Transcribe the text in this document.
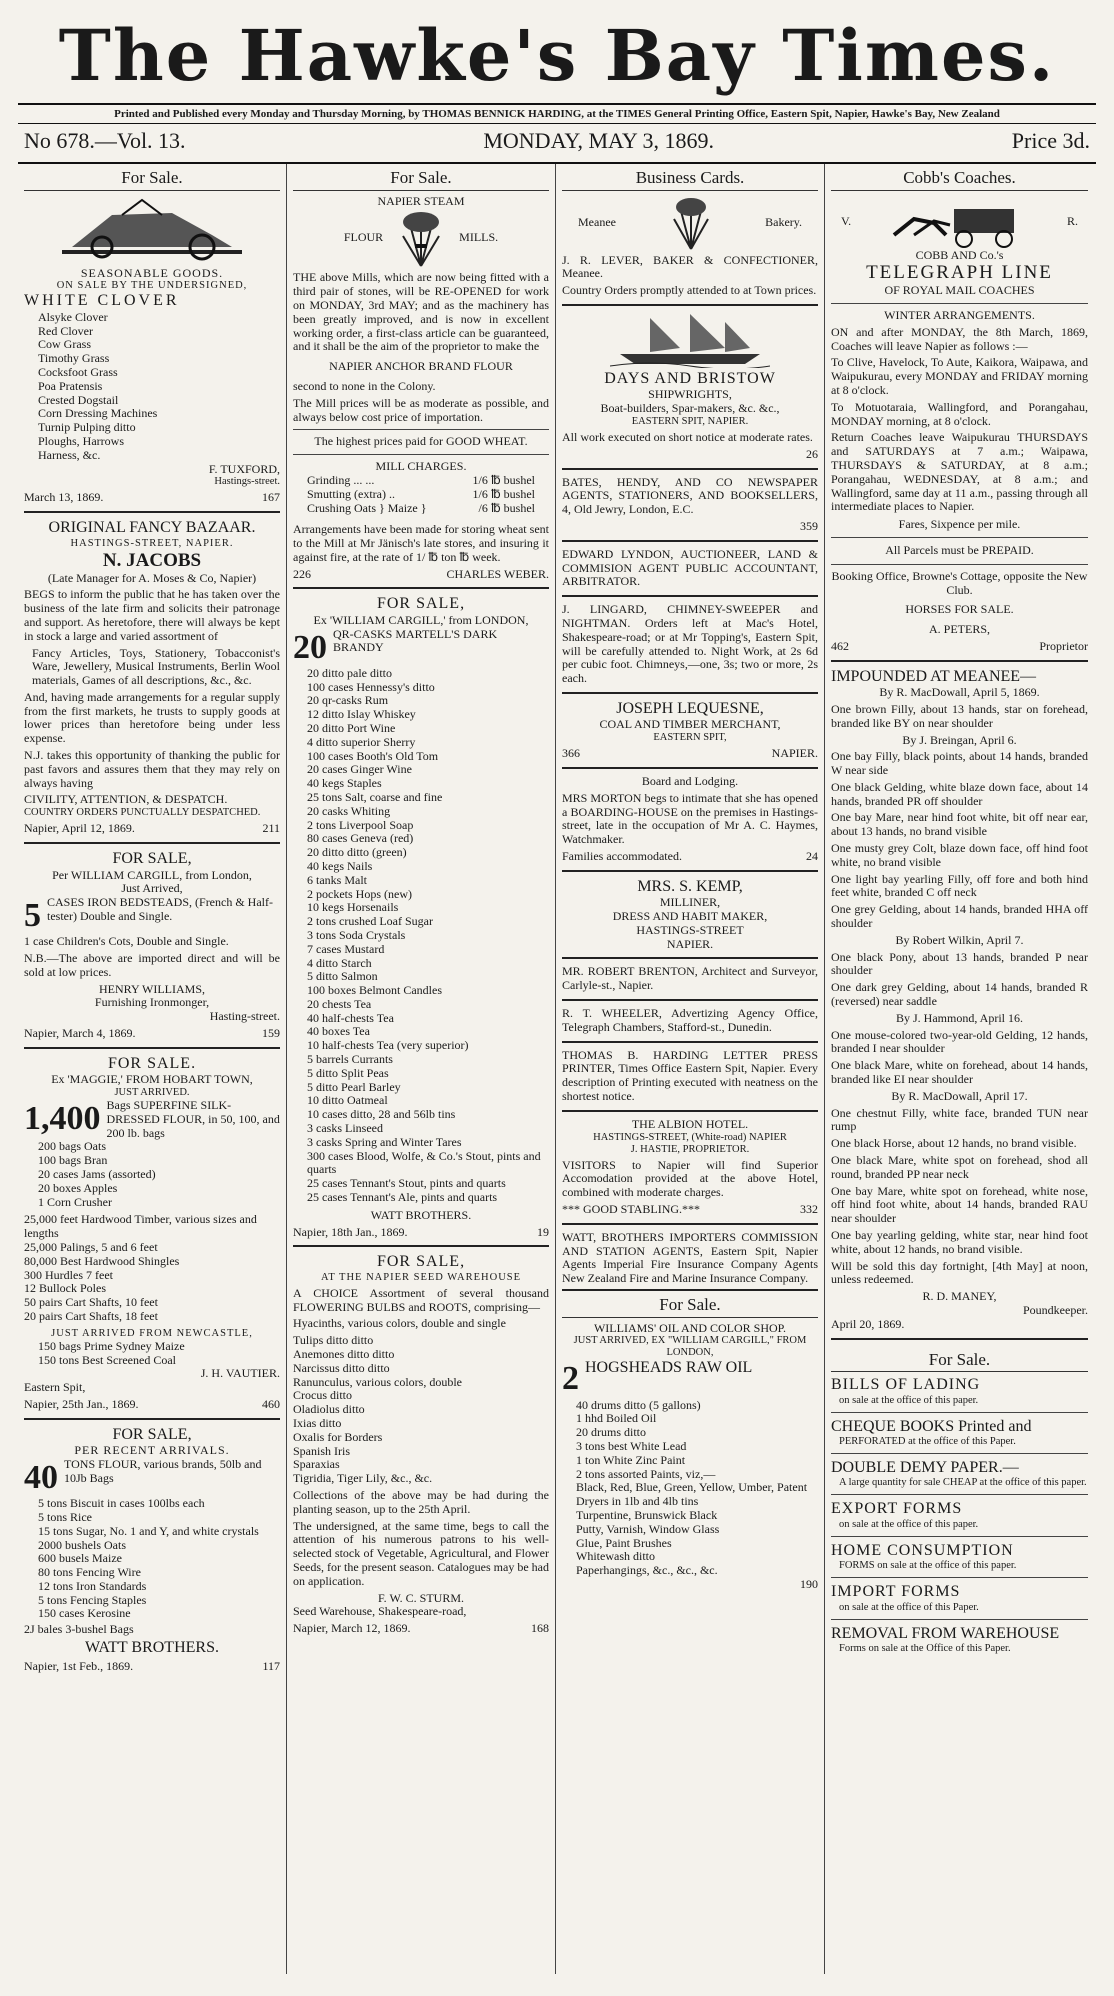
The Hawke's Bay Times.
Printed and Published every Monday and Thursday Morning, by THOMAS BENNICK HARDING, at the TIMES General Printing Office, Eastern Spit, Napier, Hawke's Bay, New Zealand
No 678.—Vol. 13.	MONDAY, MAY 3, 1869.	Price 3d.
For Sale.
SEASONABLE GOODS.
ON SALE BY THE UNDERSIGNED,
WHITE CLOVER
Alsyke Clover
Red Clover
Cow Grass
Timothy Grass
Cocksfoot Grass
Poa Pratensis
Crested Dogstail
Corn Dressing Machines
Turnip Pulping ditto
Ploughs, Harrows
Harness, &c.
F. TUXFORD,
Hastings-street.
March 13, 1869.	167
ORIGINAL FANCY BAZAAR.
HASTINGS-STREET, NAPIER.
N. JACOBS
(Late Manager for A. Moses & Co, Napier)
BEGS to inform the public that he has taken over the business of the late firm and solicits their patronage and support. As heretofore, there will always be kept in stock a large and varied assortment of
Fancy Articles, Toys, Stationery, Tobacconist's Ware, Jewellery, Musical Instruments, Berlin Wool materials, Games of all descriptions, &c., &c.
And, having made arrangements for a regular supply from the first markets, he trusts to supply goods at lower prices than heretofore being under less expense.
N.J. takes this opportunity of thanking the public for past favors and assures them that they may rely on always having
CIVILITY, ATTENTION, & DESPATCH.
COUNTRY ORDERS PUNCTUALLY DESPATCHED.
Napier, April 12, 1869.	211
FOR SALE,
Per WILLIAM CARGILL, from London,
Just Arrived,
5 CASES IRON BEDSTEADS, (French & Half-tester) Double and Single.
1 case Children's Cots, Double and Single.
N.B.—The above are imported direct and will be sold at low prices.
HENRY WILLIAMS,
Furnishing Ironmonger,
Hasting-street.
Napier, March 4, 1869.	159
FOR SALE.
Ex 'MAGGIE,' FROM HOBART TOWN,
JUST ARRIVED.
1,400 Bags SUPERFINE SILK-DRESSED FLOUR, in 50, 100, and 200 lb. bags
200 bags Oats
100 bags Bran
20 cases Jams (assorted)
20 boxes Apples
1 Corn Crusher
25,000 feet Hardwood Timber, various sizes and lengths
25,000 Palings, 5 and 6 feet
80,000 Best Hardwood Shingles
300 Hurdles 7 feet
12 Bullock Poles
50 pairs Cart Shafts, 10 feet
20 pairs Cart Shafts, 18 feet
JUST ARRIVED FROM NEWCASTLE,
150 bags Prime Sydney Maize
150 tons Best Screened Coal
J. H. VAUTIER.
Eastern Spit,
Napier, 25th Jan., 1869.	460
FOR SALE,
PER RECENT ARRIVALS.
40 TONS FLOUR, various brands, 50lb and 10Jb Bags
5 tons Biscuit in cases 100lbs each
5 tons Rice
15 tons Sugar, No. 1 and Y, and white crystals
2000 bushels Oats
600 busels Maize
80 tons Fencing Wire
12 tons Iron Standards
5 tons Fencing Staples
150 cases Kerosine
2J bales 3-bushel Bags
WATT BROTHERS.
Napier, 1st Feb., 1869.	117
For Sale.
NAPIER STEAM
FLOUR	MILLS.
THE above Mills, which are now being fitted with a third pair of stones, will be RE-OPENED for work on MONDAY, 3rd MAY; and as the machinery has been greatly improved, and is now in excellent working order, a first-class article can be guaranteed, and it shall be the aim of the proprietor to make the
NAPIER ANCHOR BRAND FLOUR
second to none in the Colony.
The Mill prices will be as moderate as possible, and always below cost price of importation.
The highest prices paid for GOOD WHEAT.
MILL CHARGES.
Grinding ... ...	1/6 ℔ bushel
Smutting (extra) ..	1/6 ℔ bushel
Crushing Oats } Maize }	/6 ℔ bushel
Arrangements have been made for storing wheat sent to the Mill at Mr Jänisch's late stores, and insuring it against fire, at the rate of 1/ ℔ ton ℔ week.
226	CHARLES WEBER.
FOR SALE,
Ex 'WILLIAM CARGILL,' from LONDON,
20 QR-CASKS MARTELL'S DARK BRANDY
20 ditto pale ditto
100 cases Hennessy's ditto
20 qr-casks Rum
12 ditto Islay Whiskey
20 ditto Port Wine
4 ditto superior Sherry
100 cases Booth's Old Tom
20 cases Ginger Wine
40 kegs Staples
25 tons Salt, coarse and fine
20 casks Whiting
2 tons Liverpool Soap
80 cases Geneva (red)
20 ditto ditto (green)
40 kegs Nails
6 tanks Malt
2 pockets Hops (new)
10 kegs Horsenails
2 tons crushed Loaf Sugar
3 tons Soda Crystals
7 cases Mustard
4 ditto Starch
5 ditto Salmon
100 boxes Belmont Candles
20 chests Tea
40 half-chests Tea
40 boxes Tea
10 half-chests Tea (very superior)
5 barrels Currants
5 ditto Split Peas
5 ditto Pearl Barley
10 ditto Oatmeal
10 cases ditto, 28 and 56lb tins
3 casks Linseed
3 casks Spring and Winter Tares
300 cases Blood, Wolfe, & Co.'s Stout, pints and quarts
25 cases Tennant's Stout, pints and quarts
25 cases Tennant's Ale, pints and quarts
WATT BROTHERS.
Napier, 18th Jan., 1869.	19
FOR SALE,
AT THE NAPIER SEED WAREHOUSE
A CHOICE Assortment of several thousand FLOWERING BULBS and ROOTS, comprising—
Hyacinths, various colors, double and single
Tulips ditto ditto
Anemones ditto ditto
Narcissus ditto ditto
Ranunculus, various colors, double
Crocus ditto
Oladiolus ditto
Ixias ditto
Oxalis for Borders
Spanish Iris
Sparaxias
Tigridia, Tiger Lily, &c., &c.
Collections of the above may be had during the planting season, up to the 25th April.
The undersigned, at the same time, begs to call the attention of his numerous patrons to his well-selected stock of Vegetable, Agricultural, and Flower Seeds, for the present season. Catalogues may be had on application.
F. W. C. STURM.
Seed Warehouse, Shakespeare-road,
Napier, March 12, 1869.	168
Business Cards.
Meanee	Bakery.
J. R. LEVER, BAKER & CONFECTIONER, Meanee.
Country Orders promptly attended to at Town prices.
DAYS AND BRISTOW
SHIPWRIGHTS,
Boat-builders, Spar-makers, &c. &c.,
EASTERN SPIT, NAPIER.
All work executed on short notice at moderate rates.
26
BATES, HENDY, AND CO NEWSPAPER AGENTS, STATIONERS, AND BOOKSELLERS, 4, Old Jewry, London, E.C.
359
EDWARD LYNDON, AUCTIONEER, LAND & COMMISION AGENT PUBLIC ACCOUNTANT, ARBITRATOR.
J. LINGARD, CHIMNEY-SWEEPER and NIGHTMAN. Orders left at Mac's Hotel, Shakespeare-road; or at Mr Topping's, Eastern Spit, will be carefully attended to. Night Work, at 2s 6d per cubic foot. Chimneys,—one, 3s; two or more, 2s each.
JOSEPH LEQUESNE,
COAL AND TIMBER MERCHANT,
EASTERN SPIT,
366	NAPIER.
Board and Lodging.
MRS MORTON begs to intimate that she has opened a BOARDING-HOUSE on the premises in Hastings-street, late in the occupation of Mr A. C. Haymes, Watchmaker.
Families accommodated.	24
MRS. S. KEMP,
MILLINER,
DRESS AND HABIT MAKER,
HASTINGS-STREET
NAPIER.
MR. ROBERT BRENTON, Architect and Surveyor, Carlyle-st., Napier.
R. T. WHEELER, Advertizing Agency Office, Telegraph Chambers, Stafford-st., Dunedin.
THOMAS B. HARDING LETTER PRESS PRINTER, Times Office Eastern Spit, Napier. Every description of Printing executed with neatness on the shortest notice.
THE ALBION HOTEL.
HASTINGS-STREET, (White-road) NAPIER
J. HASTIE, PROPRIETOR.
VISITORS to Napier will find Superior Accomodation provided at the above Hotel, combined with moderate charges.
*** GOOD STABLING.***	332
WATT, BROTHERS IMPORTERS COMMISSION AND STATION AGENTS, Eastern Spit, Napier Agents Imperial Fire Insurance Company Agents New Zealand Fire and Marine Insurance Company.
For Sale.
WILLIAMS' OIL AND COLOR SHOP.
JUST ARRIVED, EX "WILLIAM CARGILL," FROM LONDON,
2 HOGSHEADS RAW OIL
40 drums ditto (5 gallons)
1 hhd Boiled Oil
20 drums ditto
3 tons best White Lead
1 ton White Zinc Paint
2 tons assorted Paints, viz,—
Black, Red, Blue, Green, Yellow, Umber, Patent Dryers in 1lb and 4lb tins
Turpentine, Brunswick Black
Putty, Varnish, Window Glass
Glue, Paint Brushes
Whitewash ditto
Paperhangings, &c., &c., &c.
190
Cobb's Coaches.
V.	R.
COBB AND Co.'s
TELEGRAPH LINE
OF ROYAL MAIL COACHES
WINTER ARRANGEMENTS.
ON and after MONDAY, the 8th March, 1869, Coaches will leave Napier as follows :—
To Clive, Havelock, To Aute, Kaikora, Waipawa, and Waipukurau, every MONDAY and FRIDAY morning at 8 o'clock.
To Motuotaraia, Wallingford, and Porangahau, MONDAY morning, at 8 o'clock.
Return Coaches leave Waipukurau THURSDAYS and SATURDAYS at 7 a.m.; Waipawa, THURSDAYS & SATURDAY, at 8 a.m.; Porangahau, WEDNESDAY, at 8 a.m.; and Wallingford, same day at 11 a.m., passing through all intermediate places to Napier.
Fares, Sixpence per mile.
All Parcels must be PREPAID.
Booking Office, Browne's Cottage, opposite the New Club.
HORSES FOR SALE.
A. PETERS,
462	Proprietor
IMPOUNDED AT MEANEE—
By R. MacDowall, April 5, 1869.
One brown Filly, about 13 hands, star on forehead, branded like BY on near shoulder
By J. Breingan, April 6.
One bay Filly, black points, about 14 hands, branded W near side
One black Gelding, white blaze down face, about 14 hands, branded PR off shoulder
One bay Mare, near hind foot white, bit off near ear, about 13 hands, no brand visible
One musty grey Colt, blaze down face, off hind foot white, no brand visible
One light bay yearling Filly, off fore and both hind feet white, branded C off neck
One grey Gelding, about 14 hands, branded HHA off shoulder
By Robert Wilkin, April 7.
One black Pony, about 13 hands, branded P near shoulder
One dark grey Gelding, about 14 hands, branded R (reversed) near saddle
By J. Hammond, April 16.
One mouse-colored two-year-old Gelding, 12 hands, branded I near shoulder
One black Mare, white on forehead, about 14 hands, branded like EI near shoulder
By R. MacDowall, April 17.
One chestnut Filly, white face, branded TUN near rump
One black Horse, about 12 hands, no brand visible.
One black Mare, white spot on forehead, shod all round, branded PP near neck
One bay Mare, white spot on forehead, white nose, off hind foot white, about 14 hands, branded RAU near shoulder
One bay yearling gelding, white star, near hind foot white, about 12 hands, no brand visible.
Will be sold this day fortnight, [4th May] at noon, unless redeemed.
R. D. MANEY,
Poundkeeper.
April 20, 1869.
For Sale.
BILLS OF LADING
on sale at the office of this paper.
CHEQUE BOOKS Printed and
PERFORATED at the office of this Paper.
DOUBLE DEMY PAPER.—
A large quantity for sale CHEAP at the office of this paper.
EXPORT FORMS
on sale at the office of this paper.
HOME CONSUMPTION
FORMS on sale at the office of this paper.
IMPORT FORMS
on sale at the office of this Paper.
REMOVAL FROM WAREHOUSE
Forms on sale at the Office of this Paper.
